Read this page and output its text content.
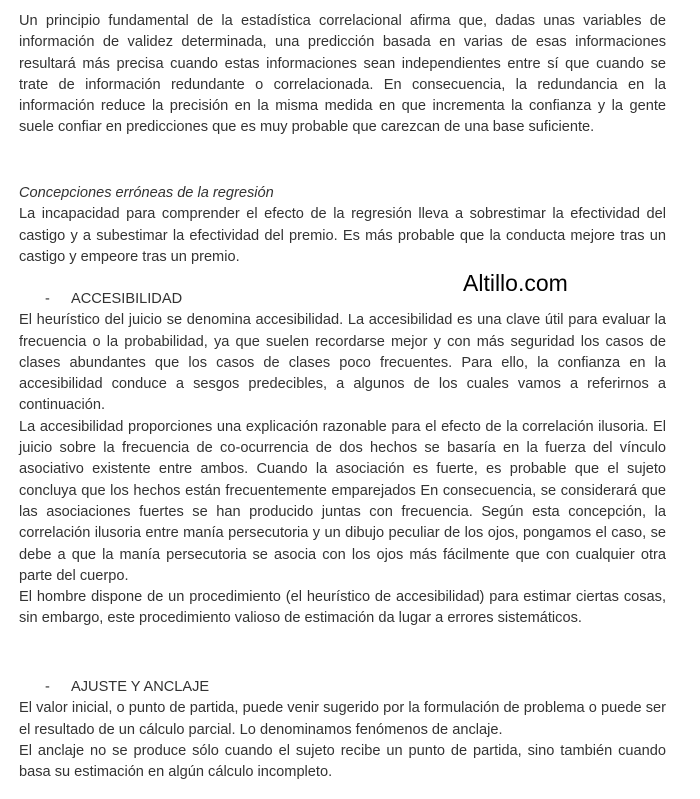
Un principio fundamental de la estadística correlacional afirma que, dadas unas variables de información de validez determinada, una predicción basada en varias de esas informaciones resultará más precisa cuando estas informaciones sean independientes entre sí que cuando se trate de información redundante o correlacionada. En consecuencia, la redundancia en la información reduce la precisión en la misma medida en que incrementa la confianza y la gente suele confiar en predicciones que es muy probable que carezcan de una base suficiente.

Concepciones erróneas de la regresión

La incapacidad para comprender el efecto de la regresión lleva a sobrestimar la efectividad del castigo y a subestimar la efectividad del premio. Es más probable que la conducta mejore tras un castigo y empeore tras un premio.

- ACCESIBILIDAD

El heurístico del juicio se denomina accesibilidad. La accesibilidad es una clave útil para evaluar la frecuencia o la probabilidad, ya que suelen recordarse mejor y con más seguridad los casos de clases abundantes que los casos de clases poco frecuentes. Para ello, la confianza en la accesibilidad conduce a sesgos predecibles, a algunos de los cuales vamos a referirnos a continuación.

La accesibilidad proporciones una explicación razonable para el efecto de la correlación ilusoria. El juicio sobre la frecuencia de co-ocurrencia de dos hechos se basaría en la fuerza del vínculo asociativo existente entre ambos. Cuando la asociación es fuerte, es probable que el sujeto concluya que los hechos están frecuentemente emparejados En consecuencia, se considerará que las asociaciones fuertes se han producido juntas con frecuencia. Según esta concepción, la correlación ilusoria entre manía persecutoria y un dibujo peculiar de los ojos, pongamos el caso, se debe a que la manía persecutoria se asocia con los ojos más fácilmente que con cualquier otra parte del cuerpo.

El hombre dispone de un procedimiento (el heurístico de accesibilidad) para estimar ciertas cosas, sin embargo, este procedimiento valioso de estimación da lugar a errores sistemáticos.

- AJUSTE Y ANCLAJE

El valor inicial, o punto de partida, puede venir sugerido por la formulación de problema o puede ser el resultado de un cálculo parcial. Lo denominamos fenómenos de anclaje.

El anclaje no se produce sólo cuando el sujeto recibe un punto de partida, sino también cuando basa su estimación en algún cálculo incompleto.

Altillo.com
